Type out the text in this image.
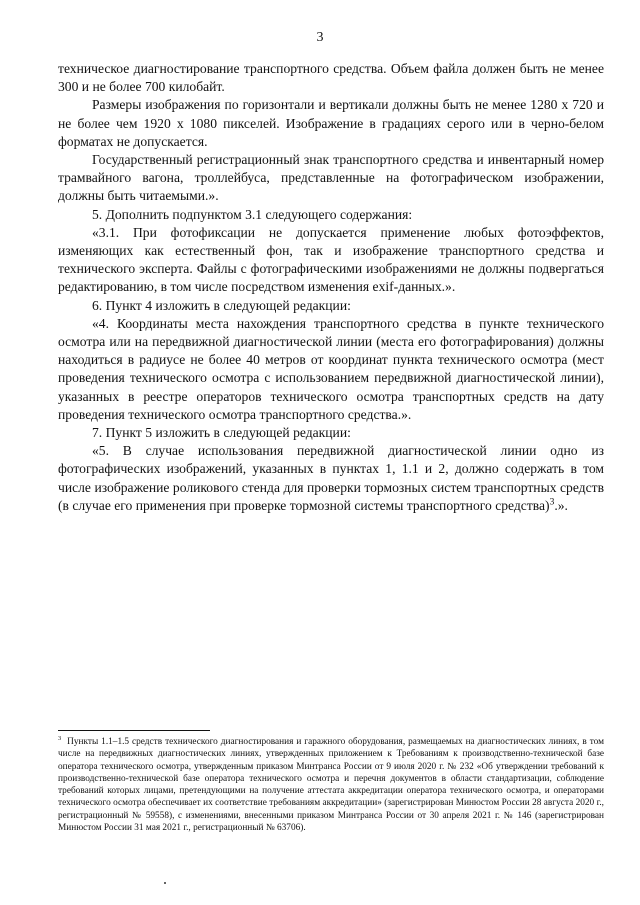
3

техническое диагностирование транспортного средства. Объем файла должен быть не менее 300 и не более 700 килобайт.

Размеры изображения по горизонтали и вертикали должны быть не менее 1280 х 720 и не более чем 1920 х 1080 пикселей. Изображение в градациях серого или в черно-белом форматах не допускается.

Государственный регистрационный знак транспортного средства и инвентарный номер трамвайного вагона, троллейбуса, представленные на фотографическом изображении, должны быть читаемыми.».

5. Дополнить подпунктом 3.1 следующего содержания:

«3.1. При фотофиксации не допускается применение любых фотоэффектов, изменяющих как естественный фон, так и изображение транспортного средства и технического эксперта. Файлы с фотографическими изображениями не должны подвергаться редактированию, в том числе посредством изменения exif-данных.».

6. Пункт 4 изложить в следующей редакции:

«4. Координаты места нахождения транспортного средства в пункте технического осмотра или на передвижной диагностической линии (места его фотографирования) должны находиться в радиусе не более 40 метров от координат пункта технического осмотра (мест проведения технического осмотра с использованием передвижной диагностической линии), указанных в реестре операторов технического осмотра транспортных средств на дату проведения технического осмотра транспортного средства.».

7. Пункт 5 изложить в следующей редакции:

«5. В случае использования передвижной диагностической линии одно из фотографических изображений, указанных в пунктах 1, 1.1 и 2, должно содержать в том числе изображение роликового стенда для проверки тормозных систем транспортных средств (в случае его применения при проверке тормозной системы транспортного средства)$^3$.».

$^3$ Пункты 1.1–1.5 средств технического диагностирования и гаражного оборудования, размещаемых на диагностических линиях, в том числе на передвижных диагностических линиях, утвержденных приложением к Требованиям к производственно-технической базе оператора технического осмотра, утвержденным приказом Минтранса России от 9 июля 2020 г. № 232 «Об утверждении требований к производственно-технической базе оператора технического осмотра и перечня документов в области стандартизации, соблюдение требований которых лицами, претендующими на получение аттестата аккредитации оператора технического осмотра, и операторами технического осмотра обеспечивает их соответствие требованиям аккредитации» (зарегистрирован Минюстом России 28 августа 2020 г., регистрационный № 59558), с изменениями, внесенными приказом Минтранса России от 30 апреля 2021 г. № 146 (зарегистрирован Минюстом России 31 мая 2021 г., регистрационный № 63706).
